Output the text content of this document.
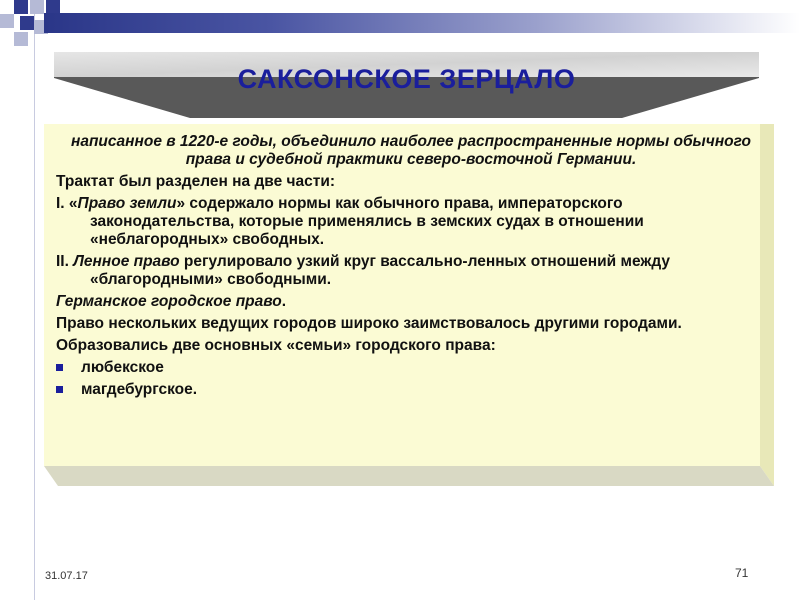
САКСОНСКОЕ ЗЕРЦАЛО

написанное в 1220-е годы, объединило наиболее распространенные нормы обычного права и судебной практики северо-восточной Германии.

Трактат был разделен на две части:

I. «Право земли» содержало нормы как обычного права, императорского законодательства, которые применялись в земских судах в отношении «неблагородных» свободных.

II. Ленное право регулировало узкий круг вассально-ленных отношений между «благородными» свободными.

Германское городское право.

Право нескольких ведущих городов широко заимствовалось другими городами.

Образовались две основных «семьи» городского права:

любекское
магдебургское.
31.07.17	71
